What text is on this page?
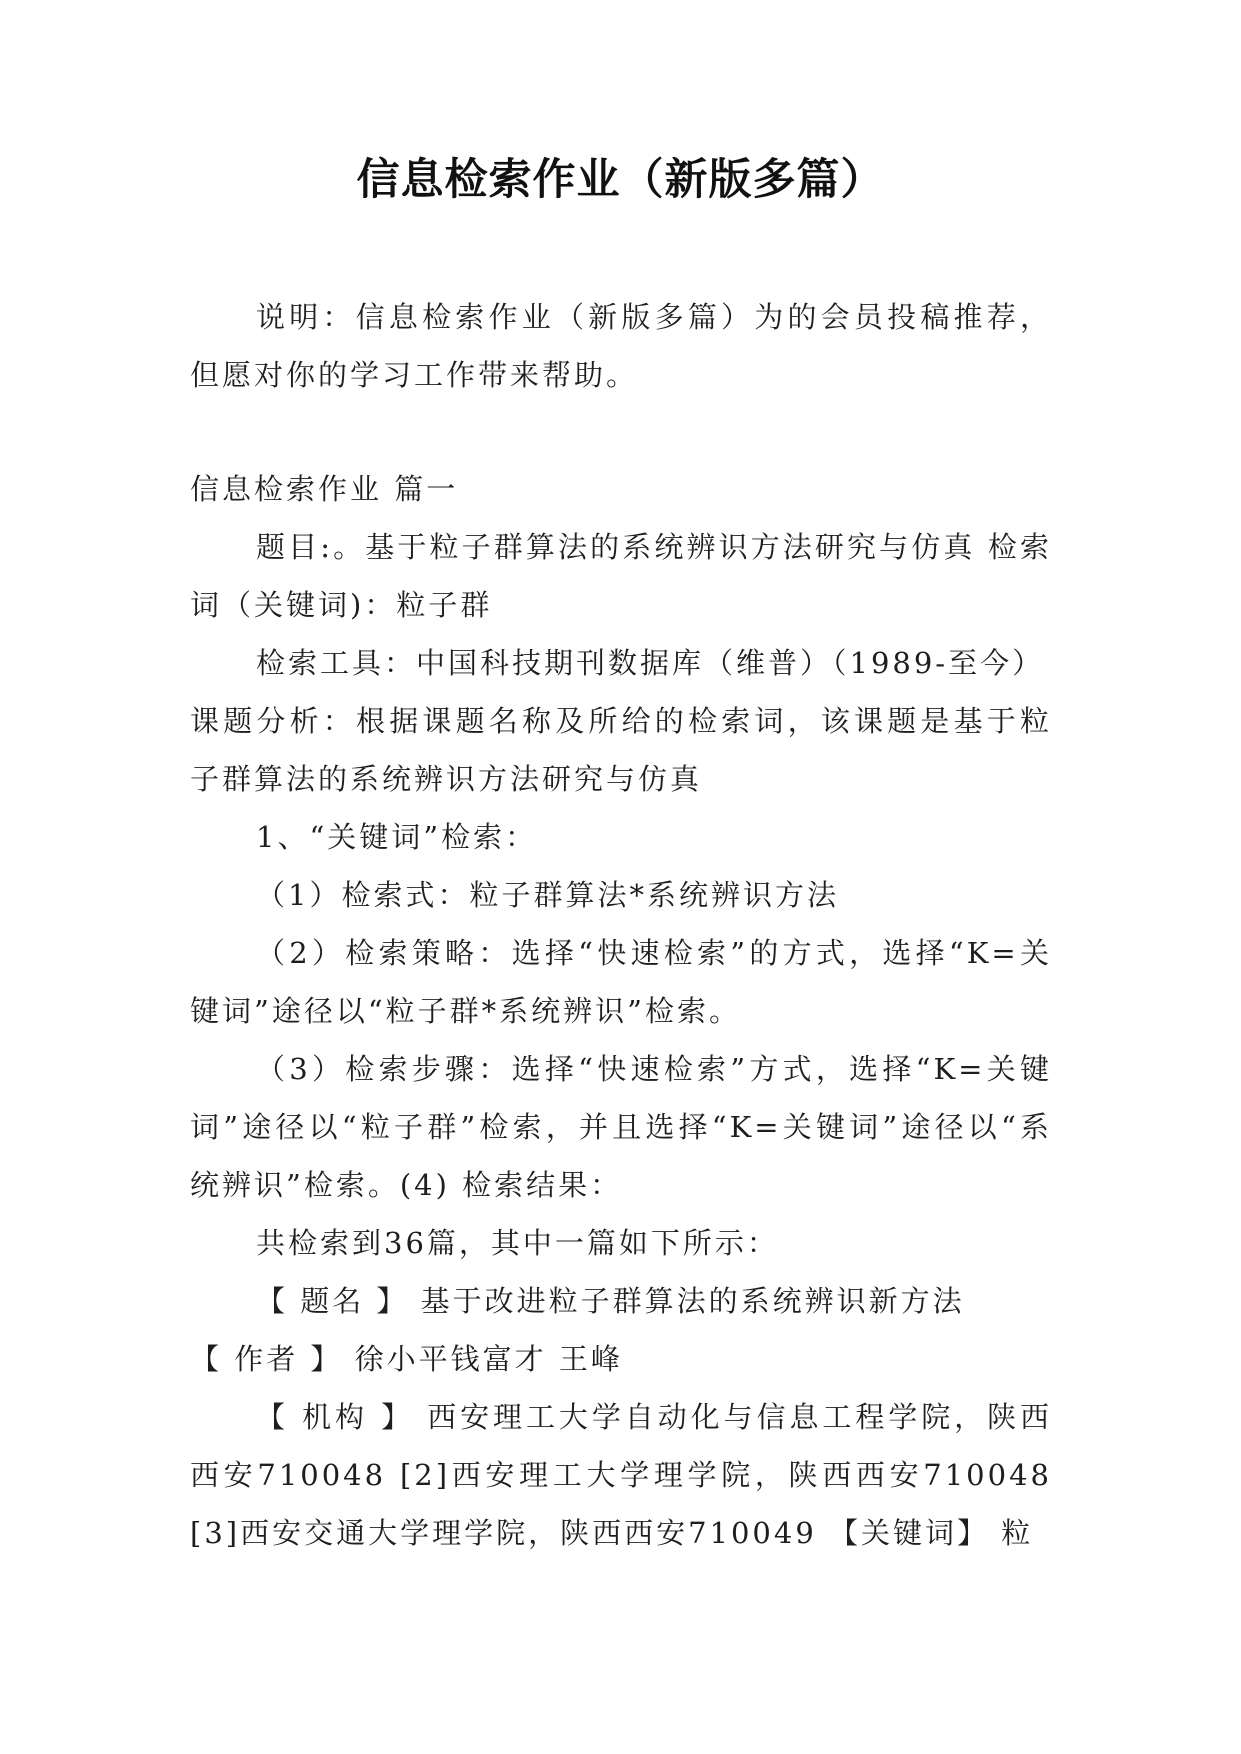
信息检索作业（新版多篇）

说明：信息检索作业（新版多篇）为的会员投稿推荐，但愿对你的学习工作带来帮助。

信息检索作业 篇一

题目:。基于粒子群算法的系统辨识方法研究与仿真 检索词（关键词)：粒子群

检索工具：中国科技期刊数据库（维普）（1989-至今）

课题分析：根据课题名称及所给的检索词，该课题是基于粒子群算法的系统辨识方法研究与仿真

1、“关键词”检索：

（1）检索式：粒子群算法*系统辨识方法

（2）检索策略：选择“快速检索”的方式，选择“K=关键词”途径以“粒子群*系统辨识”检索。

（3）检索步骤：选择“快速检索”方式，选择“K=关键词”途径以“粒子群”检索，并且选择“K=关键词”途径以“系统辨识”检索。(4) 检索结果：

共检索到36篇，其中一篇如下所示：

【 题名 】 基于改进粒子群算法的系统辨识新方法

【 作者 】 徐小平钱富才 王峰

【 机构 】 西安理工大学自动化与信息工程学院，陕西西安710048 [2]西安理工大学理学院，陕西西安710048 [3]西安交通大学理学院，陕西西安710049 【关键词】 粒
